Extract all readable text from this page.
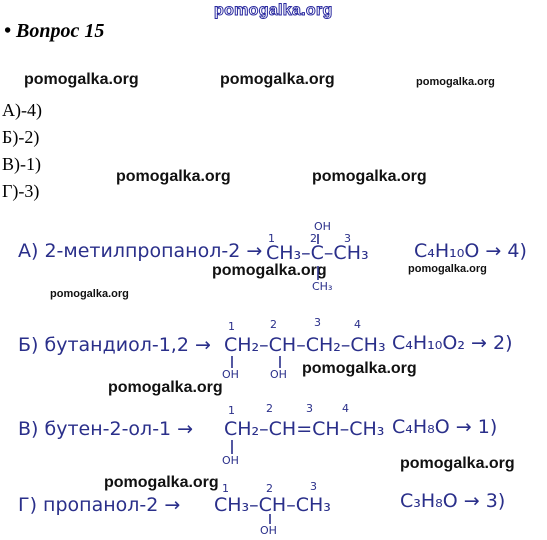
pomogalka.org
• Вопрос 15
pomogalka.org	pomogalka.org	pomogalka.org
А)-4)
Б)-2)
В)-1)
Г)-3)
pomogalka.org	pomogalka.org
А) 2-метилпропанол-2 →
1	2 3
OH
CH₃–C–CH₃
CH₃
C₄H₁₀O → 4)
pomogalka.org	pomogalka.org
pomogalka.org
Б) бутандиол-1,2 →
1	2	3	4
CH₂–CH–CH₂–CH₃
OH	OH
C₄H₁₀O₂ → 2)
pomogalka.org
pomogalka.org
В) бутен-2-ол-1 →
1	2	3	4
CH₂–CH=CH–CH₃
OH
C₄H₈O → 1)
pomogalka.org
pomogalka.org
Г) пропанол-2 →
1	2	3
CH₃–CH–CH₃
OH
C₃H₈O → 3)
